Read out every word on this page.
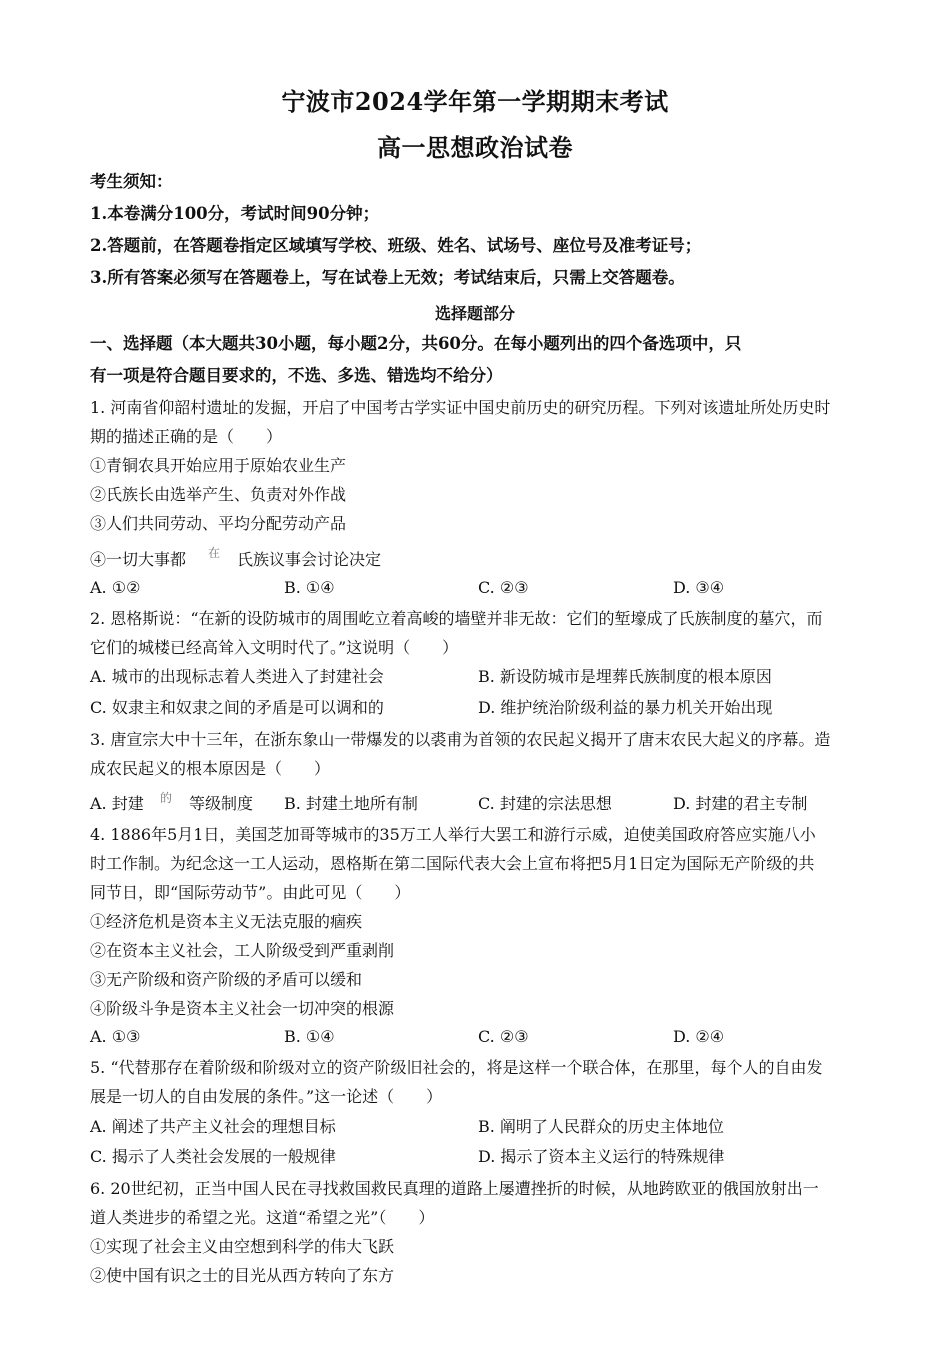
宁波市2024学年第一学期期末考试
高一思想政治试卷
考生须知：
1.本卷满分100分，考试时间90分钟；
2.答题前，在答题卷指定区域填写学校、班级、姓名、试场号、座位号及准考证号；
3.所有答案必须写在答题卷上，写在试卷上无效；考试结束后，只需上交答题卷。
选择题部分
一、选择题（本大题共30小题，每小题2分，共60分。在每小题列出的四个备选项中，只
有一项是符合题目要求的，不选、多选、错选均不给分）
1. 河南省仰韶村遗址的发掘，开启了中国考古学实证中国史前历史的研究历程。下列对该遗址所处历史时
期的描述正确的是（　　）
①青铜农具开始应用于原始农业生产
②氏族长由选举产生、负责对外作战
③人们共同劳动、平均分配劳动产品
④一切大事都 在 氏族议事会讨论决定
A. ①②	B. ①④	C. ②③	D. ③④
2. 恩格斯说：“在新的设防城市的周围屹立着高峻的墙壁并非无故：它们的堑壕成了氏族制度的墓穴，而
它们的城楼已经高耸入文明时代了。”这说明（　　）
A. 城市的出现标志着人类进入了封建社会	B. 新设防城市是埋葬氏族制度的根本原因
C. 奴隶主和奴隶之间的矛盾是可以调和的	D. 维护统治阶级利益的暴力机关开始出现
3. 唐宣宗大中十三年，在浙东象山一带爆发的以裘甫为首领的农民起义揭开了唐末农民大起义的序幕。造
成农民起义的根本原因是（　　）
A. 封建 的 等级制度 B. 封建土地所有制	C. 封建的宗法思想	D. 封建的君主专制
4. 1886年5月1日，美国芝加哥等城市的35万工人举行大罢工和游行示威，迫使美国政府答应实施八小
时工作制。为纪念这一工人运动，恩格斯在第二国际代表大会上宣布将把5月1日定为国际无产阶级的共
同节日，即“国际劳动节”。由此可见（　　）
①经济危机是资本主义无法克服的痼疾
②在资本主义社会，工人阶级受到严重剥削
③无产阶级和资产阶级的矛盾可以缓和
④阶级斗争是资本主义社会一切冲突的根源
A. ①③	B. ①④	C. ②③	D. ②④
5. “代替那存在着阶级和阶级对立的资产阶级旧社会的，将是这样一个联合体，在那里，每个人的自由发
展是一切人的自由发展的条件。”这一论述（　　）
A. 阐述了共产主义社会的理想目标	B. 阐明了人民群众的历史主体地位
C. 揭示了人类社会发展的一般规律	D. 揭示了资本主义运行的特殊规律
6. 20世纪初，正当中国人民在寻找救国救民真理的道路上屡遭挫折的时候，从地跨欧亚的俄国放射出一
道人类进步的希望之光。这道“希望之光”（　　）
①实现了社会主义由空想到科学的伟大飞跃
②使中国有识之士的目光从西方转向了东方
